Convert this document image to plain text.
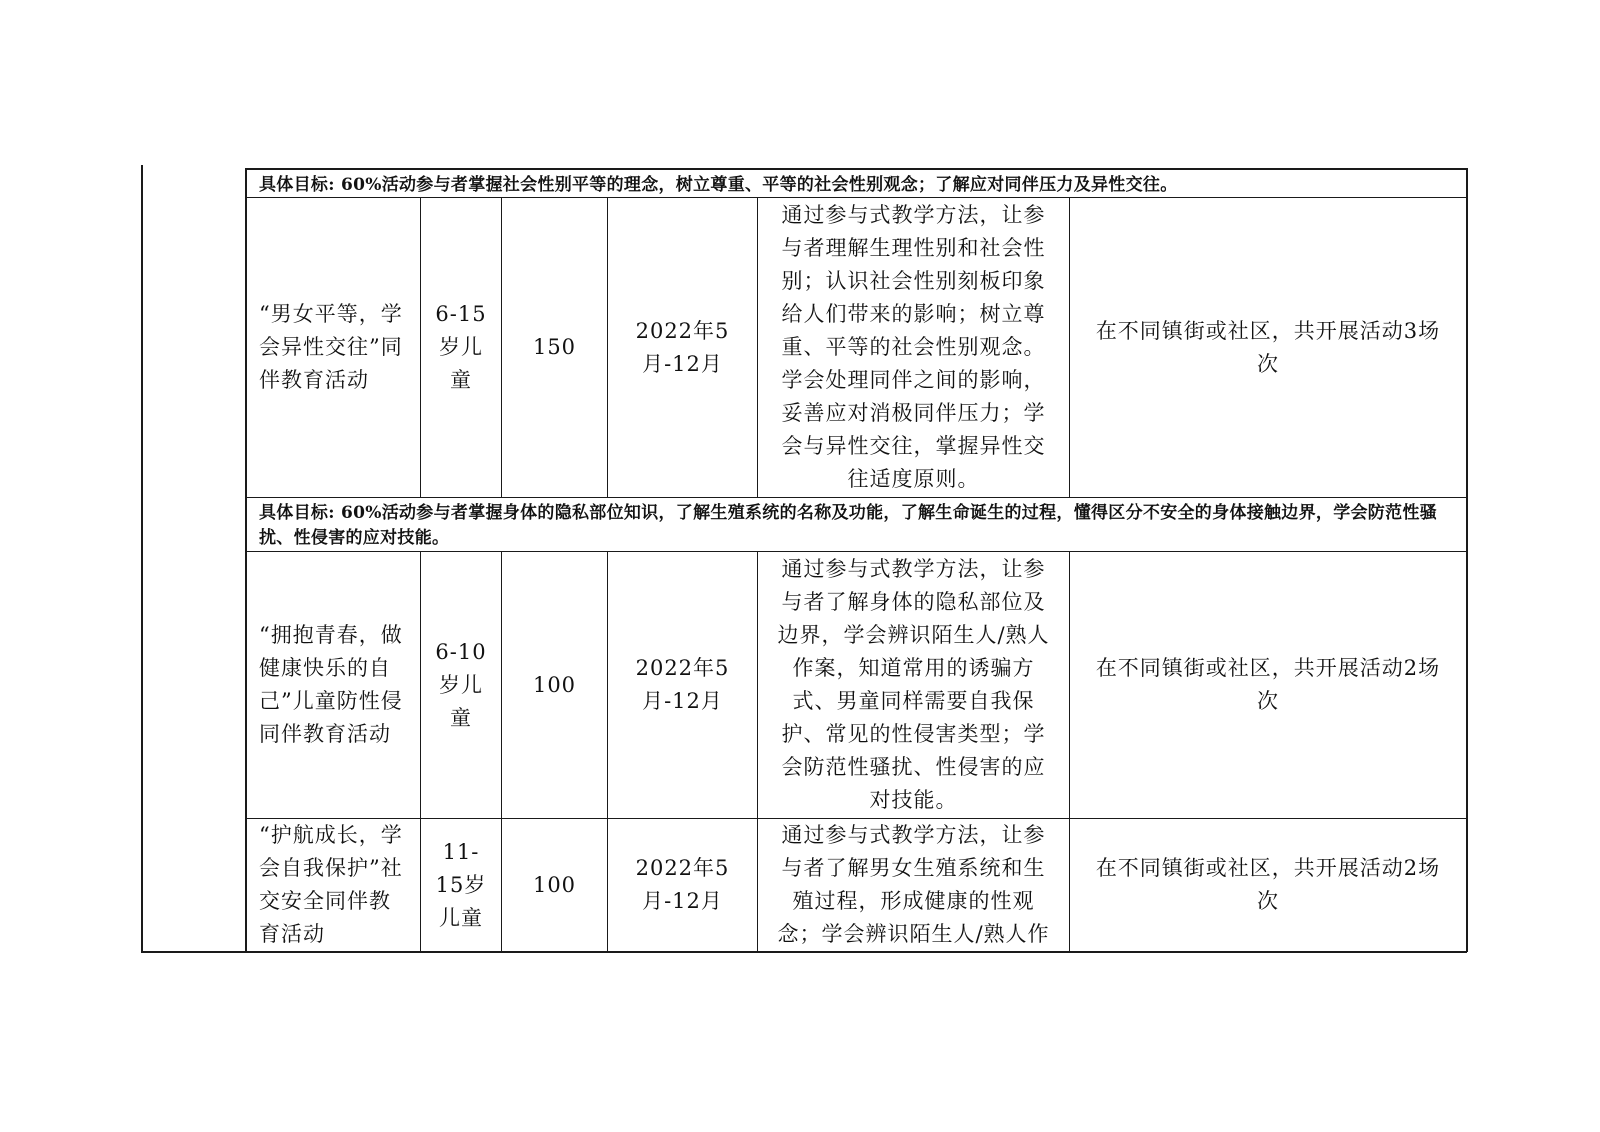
具体目标: 60%活动参与者掌握社会性别平等的理念，树立尊重、平等的社会性别观念；了解应对同伴压力及异性交往。
“男女平等，学会异性交往”同伴教育活动
6-15岁儿童
150
2022年5月-12月
通过参与式教学方法，让参与者理解生理性别和社会性别；认识社会性别刻板印象给人们带来的影响；树立尊重、平等的社会性别观念。学会处理同伴之间的影响，妥善应对消极同伴压力；学会与异性交往，掌握异性交往适度原则。
在不同镇街或社区，共开展活动3场次
具体目标: 60%活动参与者掌握身体的隐私部位知识，了解生殖系统的名称及功能，了解生命诞生的过程，懂得区分不安全的身体接触边界，学会防范性骚扰、性侵害的应对技能。
“拥抱青春，做健康快乐的自己”儿童防性侵同伴教育活动
6-10岁儿童
100
2022年5月-12月
通过参与式教学方法，让参与者了解身体的隐私部位及边界，学会辨识陌生人/熟人作案，知道常用的诱骗方式、男童同样需要自我保护、常见的性侵害类型；学会防范性骚扰、性侵害的应对技能。
在不同镇街或社区，共开展活动2场次
“护航成长，学会自我保护”社交安全同伴教育活动
11-15岁儿童
100
2022年5月-12月
通过参与式教学方法，让参与者了解男女生殖系统和生殖过程，形成健康的性观念；学会辨识陌生人/熟人作
在不同镇街或社区，共开展活动2场次
